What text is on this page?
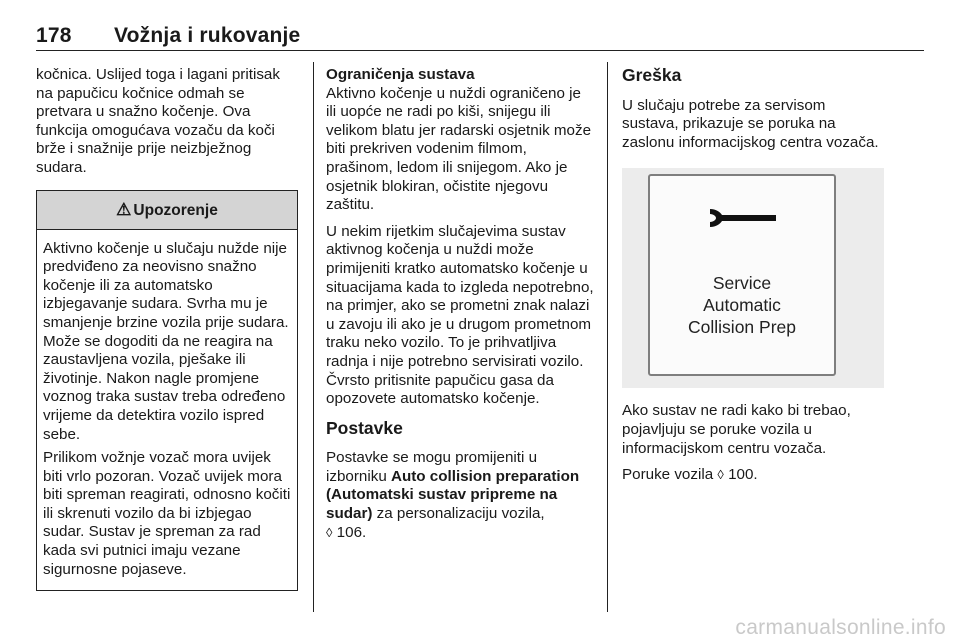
178 Vožnja i rukovanje

kočnica. Uslijed toga i lagani pritisak na papučicu kočnice odmah se pretvara u snažno kočenje. Ova funkcija omogućava vozaču da koči brže i snažnije prije neizbježnog sudara.

⚠ Upozorenje

Aktivno kočenje u slučaju nužde nije predviđeno za neovisno snažno kočenje ili za automatsko izbjegavanje sudara. Svrha mu je smanjenje brzine vozila prije sudara. Može se dogoditi da ne reagira na zaustavljena vozila, pješake ili životinje. Nakon nagle promjene voznog traka sustav treba određeno vrijeme da detektira vozilo ispred sebe.

Prilikom vožnje vozač mora uvijek biti vrlo pozoran. Vozač uvijek mora biti spreman reagirati, odnosno kočiti ili skrenuti vozilo da bi izbjegao sudar. Sustav je spreman za rad kada svi putnici imaju vezane sigurnosne pojaseve.

Ograničenja sustava

Aktivno kočenje u nuždi ograničeno je ili uopće ne radi po kiši, snijegu ili velikom blatu jer radarski osjetnik može biti prekriven vodenim filmom, prašinom, ledom ili snijegom. Ako je osjetnik blokiran, očistite njegovu zaštitu.

U nekim rijetkim slučajevima sustav aktivnog kočenja u nuždi može primijeniti kratko automatsko kočenje u situacijama kada to izgleda nepotrebno, na primjer, ako se prometni znak nalazi u zavoju ili ako je u drugom prometnom traku neko vozilo. To je prihvatljiva radnja i nije potrebno servisirati vozilo. Čvrsto pritisnite papučicu gasa da opozovete automatsko kočenje.

Postavke

Postavke se mogu promijeniti u izborniku Auto collision preparation (Automatski sustav pripreme na sudar) za personalizaciju vozila,
◊ 106.

Greška

U slučaju potrebe za servisom sustava, prikazuje se poruka na zaslonu informacijskog centra vozača.

Service
Automatic
Collision Prep

Ako sustav ne radi kako bi trebao, pojavljuju se poruke vozila u informacijskom centru vozača.

Poruke vozila ◊ 100.

carmanualsonline.info
